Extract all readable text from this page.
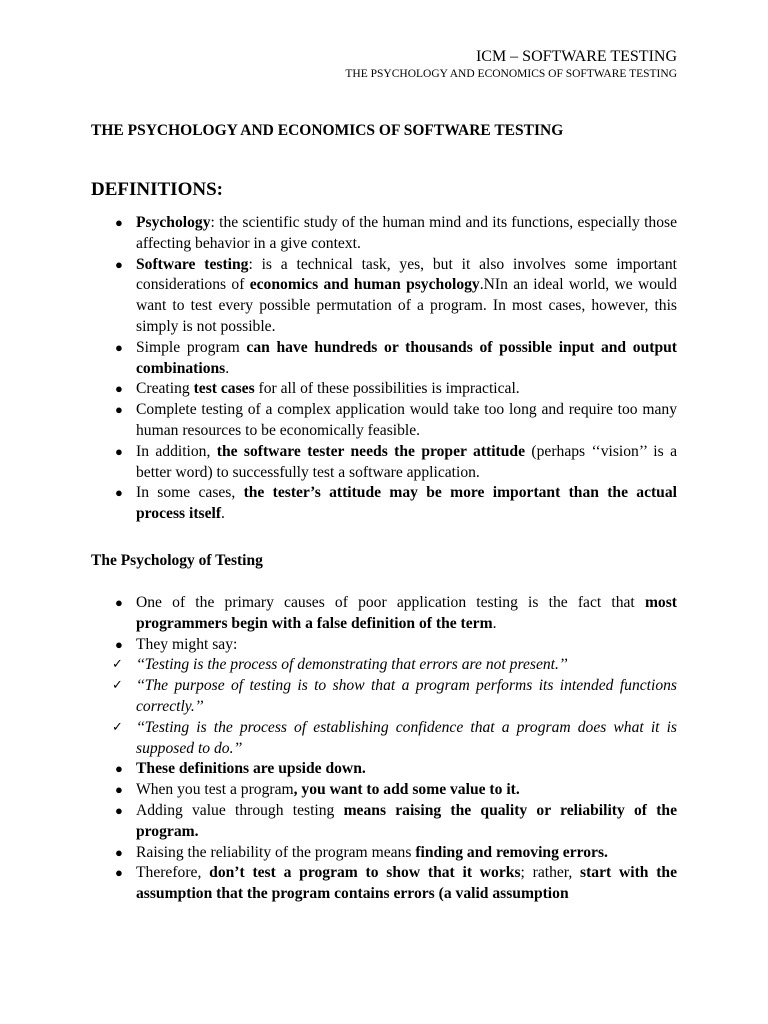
ICM – SOFTWARE TESTING
THE PSYCHOLOGY AND ECONOMICS OF SOFTWARE TESTING
THE PSYCHOLOGY AND ECONOMICS OF SOFTWARE TESTING
DEFINITIONS:
● Psychology: the scientific study of the human mind and its functions, especially those affecting behavior in a give context.
● Software testing: is a technical task, yes, but it also involves some important considerations of economics and human psychology.NIn an ideal world, we would want to test every possible permutation of a program. In most cases, however, this simply is not possible.
● Simple program can have hundreds or thousands of possible input and output combinations.
● Creating test cases for all of these possibilities is impractical.
● Complete testing of a complex application would take too long and require too many human resources to be economically feasible.
● In addition, the software tester needs the proper attitude (perhaps ‘‘vision’’ is a better word) to successfully test a software application.
● In some cases, the tester’s attitude may be more important than the actual process itself.
The Psychology of Testing
● One of the primary causes of poor application testing is the fact that most programmers begin with a false definition of the term.
● They might say:
✓ ‘‘Testing is the process of demonstrating that errors are not present.’’
✓ ‘‘The purpose of testing is to show that a program performs its intended functions correctly.’’
✓ ‘‘Testing is the process of establishing confidence that a program does what it is supposed to do.’’
● These definitions are upside down.
● When you test a program, you want to add some value to it.
● Adding value through testing means raising the quality or reliability of the program.
● Raising the reliability of the program means finding and removing errors.
● Therefore, don’t test a program to show that it works; rather, start with the assumption that the program contains errors (a valid assumption
